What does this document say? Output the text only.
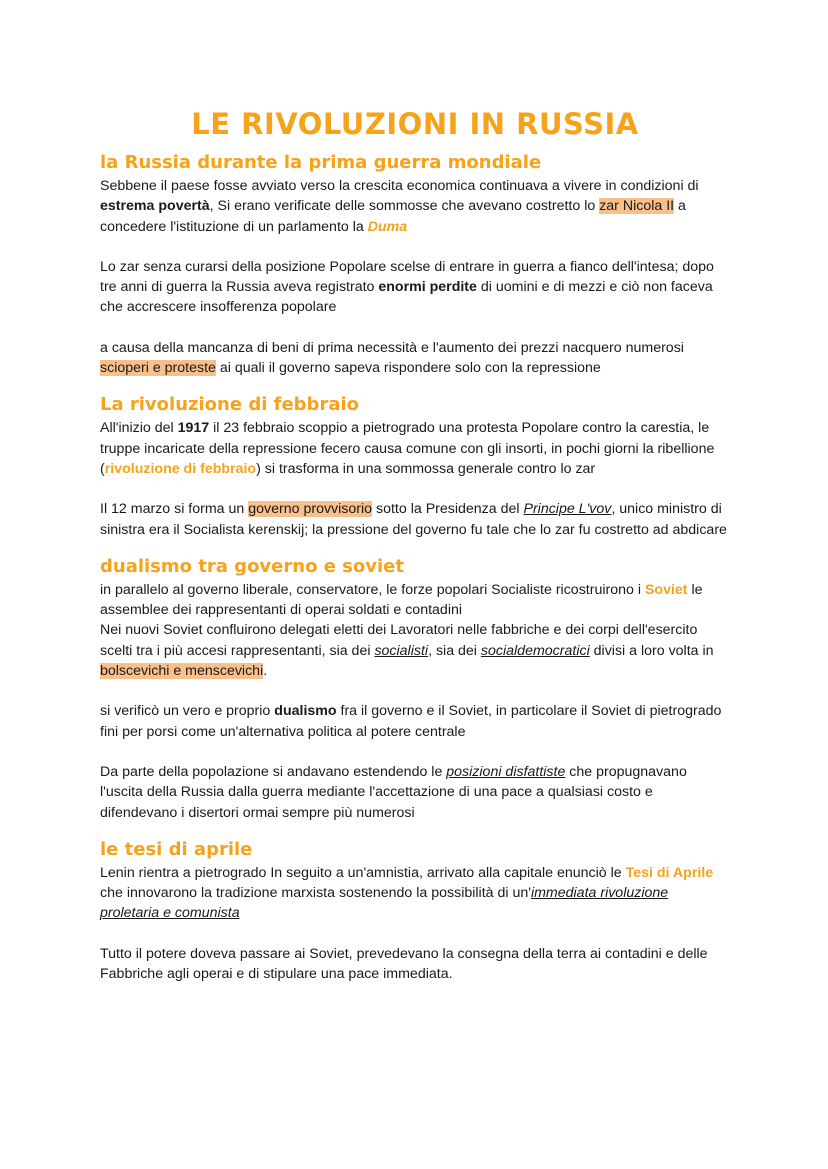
LE RIVOLUZIONI IN RUSSIA
la Russia durante la prima guerra mondiale

Sebbene il paese fosse avviato verso la crescita economica continuava a vivere in condizioni di estrema povertà, Si erano verificate delle sommosse che avevano costretto lo zar Nicola II a concedere l'istituzione di un parlamento la Duma

Lo zar senza curarsi della posizione Popolare scelse di entrare in guerra a fianco dell'intesa; dopo tre anni di guerra la Russia aveva registrato enormi perdite di uomini e di mezzi e ciò non faceva che accrescere insofferenza popolare

a causa della mancanza di beni di prima necessità e l'aumento dei prezzi nacquero numerosi scioperi e proteste ai quali il governo sapeva rispondere solo con la repressione

La rivoluzione di febbraio

All'inizio del 1917 il 23 febbraio scoppio a pietrogrado una protesta Popolare contro la carestia, le truppe incaricate della repressione fecero causa comune con gli insorti, in pochi giorni la ribellione (rivoluzione di febbraio) si trasforma in una sommossa generale contro lo zar

Il 12 marzo si forma un governo provvisorio sotto la Presidenza del Principe L'vov, unico ministro di sinistra era il Socialista kerenskij; la pressione del governo fu tale che lo zar fu costretto ad abdicare

dualismo tra governo e soviet

in parallelo al governo liberale, conservatore, le forze popolari Socialiste ricostruirono i Soviet le assemblee dei rappresentanti di operai soldati e contadini
Nei nuovi Soviet confluirono delegati eletti dei Lavoratori nelle fabbriche e dei corpi dell'esercito scelti tra i più accesi rappresentanti, sia dei socialisti, sia dei socialdemocratici divisi a loro volta in bolscevichi e menscevichi.

si verificò un vero e proprio dualismo fra il governo e il Soviet, in particolare il Soviet di pietrogrado fini per porsi come un'alternativa politica al potere centrale

Da parte della popolazione si andavano estendendo le posizioni disfattiste che propugnavano l'uscita della Russia dalla guerra mediante l'accettazione di una pace a qualsiasi costo e difendevano i disertori ormai sempre più numerosi

le tesi di aprile

Lenin rientra a pietrogrado In seguito a un'amnistia, arrivato alla capitale enunciò le Tesi di Aprile che innovarono la tradizione marxista sostenendo la possibilità di un'immediata rivoluzione proletaria e comunista

Tutto il potere doveva passare ai Soviet, prevedevano la consegna della terra ai contadini e delle Fabbriche agli operai e di stipulare una pace immediata.
